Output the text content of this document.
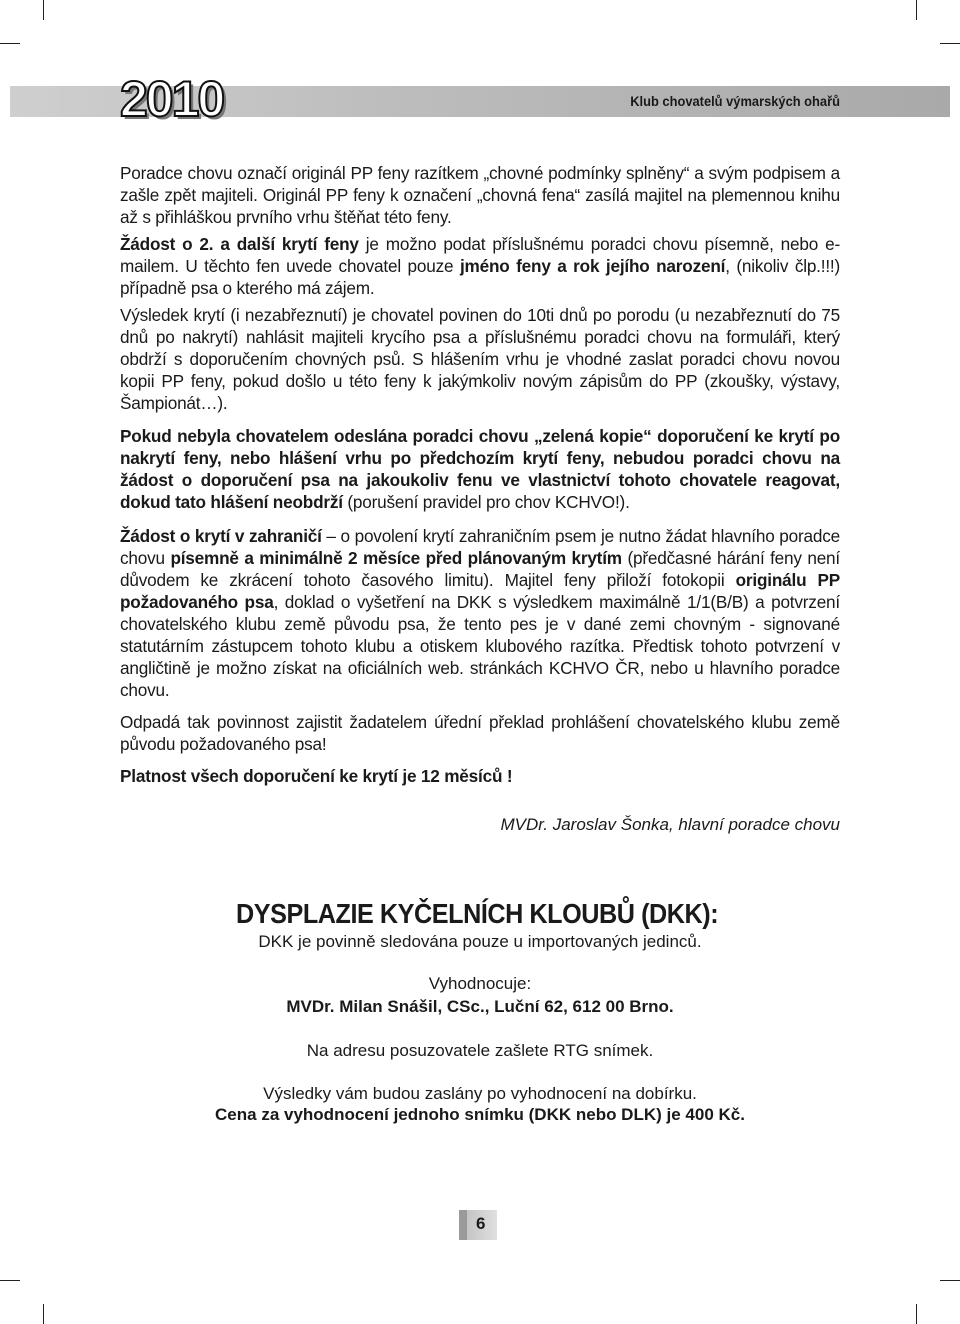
2010	Klub chovatelů výmarských ohařů

Poradce chovu označí originál PP feny razítkem „chovné podmínky splněny“ a svým podpisem a zašle zpět majiteli. Originál PP feny k označení „chovná fena“ zasílá majitel na plemennou knihu až s přihláškou prvního vrhu štěňat této feny.

Žádost o 2. a další krytí feny je možno podat příslušnému poradci chovu písemně, nebo e-mailem. U těchto fen uvede chovatel pouze jméno feny a rok jejího narození, (nikoliv člp.!!!) případně psa o kterého má zájem.

Výsledek krytí (i nezabřeznutí) je chovatel povinen do 10ti dnů po porodu (u nezabřeznutí do 75 dnů po nakrytí) nahlásit majiteli krycího psa a příslušnému poradci chovu na formuláři, který obdrží s doporučením chovných psů. S hlášením vrhu je vhodné zaslat poradci chovu novou kopii PP feny, pokud došlo u této feny k jakýmkoliv novým zápisům do PP (zkoušky, výstavy, Šampionát…).

Pokud nebyla chovatelem odeslána poradci chovu „zelená kopie“ doporučení ke krytí po nakrytí feny, nebo hlášení vrhu po předchozím krytí feny, nebudou poradci chovu na žádost o doporučení psa na jakoukoliv fenu ve vlastnictví tohoto chovatele reagovat, dokud tato hlášení neobdrží (porušení pravidel pro chov KCHVO!).

Žádost o krytí v zahraničí – o povolení krytí zahraničním psem je nutno žádat hlavního poradce chovu písemně a minimálně 2 měsíce před plánovaným krytím (předčasné hárání feny není důvodem ke zkrácení tohoto časového limitu). Majitel feny přiloží fotokopii originálu PP požadovaného psa, doklad o vyšetření na DKK s výsledkem maximálně 1/1(B/B) a potvrzení chovatelského klubu země původu psa, že tento pes je v dané zemi chovným - signované statutárním zástupcem tohoto klubu a otiskem klubového razítka. Předtisk tohoto potvrzení v angličtině je možno získat na oficiálních web. stránkách KCHVO ČR, nebo u hlavního poradce chovu.

Odpadá tak povinnost zajistit žadatelem úřední překlad prohlášení chovatelského klubu země původu požadovaného psa!

Platnost všech doporučení ke krytí je 12 měsíců !

MVDr. Jaroslav Šonka, hlavní poradce chovu
DYSPLAZIE KYČELNÍCH KLOUBŮ (DKK):
DKK je povinně sledována pouze u importovaných jedinců.
Vyhodnocuje:
MVDr. Milan Snášil, CSc., Luční 62, 612 00 Brno.
Na adresu posuzovatele zašlete RTG snímek.
Výsledky vám budou zaslány po vyhodnocení na dobírku.
Cena za vyhodnocení jednoho snímku (DKK nebo DLK) je 400 Kč.
6
